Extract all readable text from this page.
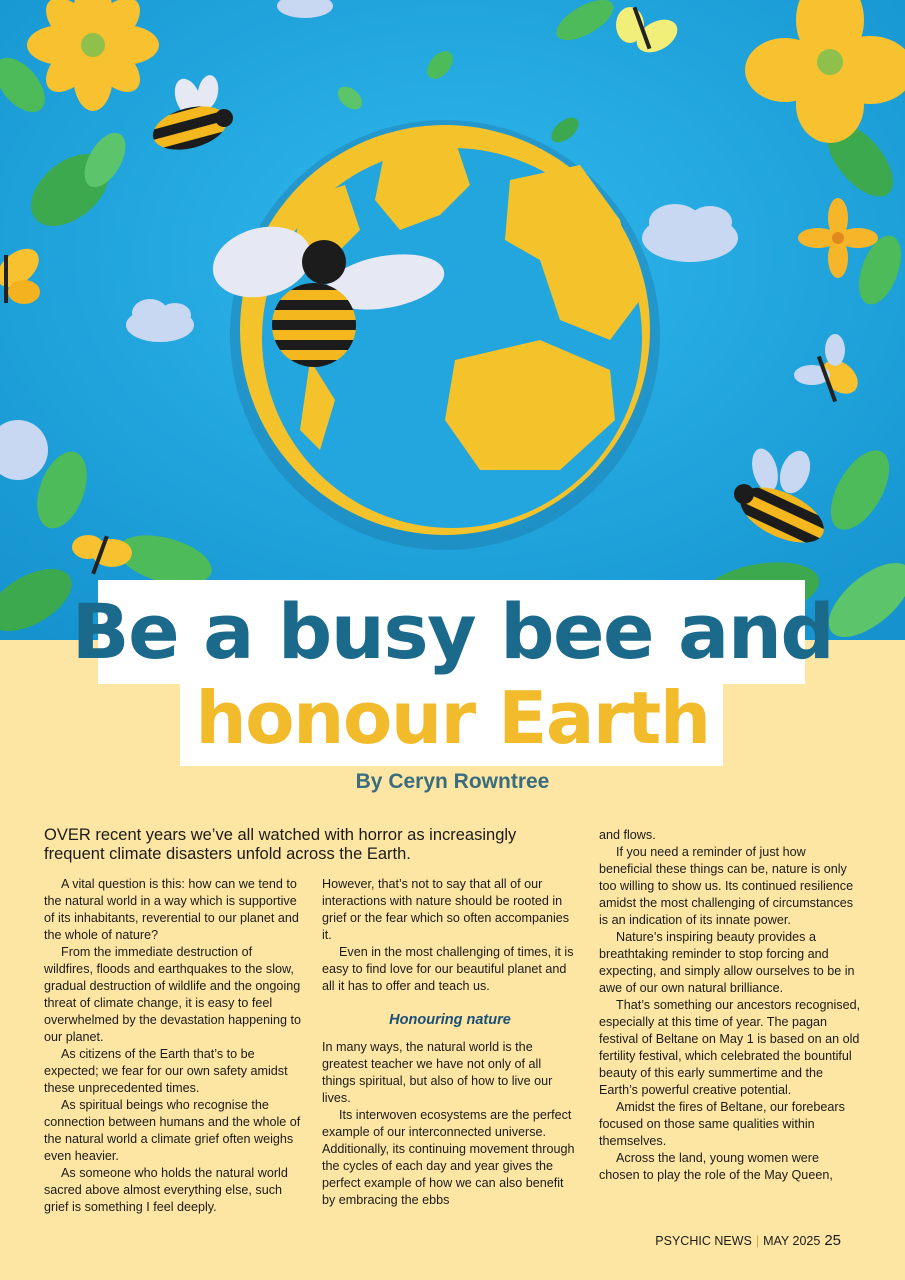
Be a busy bee and
honour Earth
By Ceryn Rowntree

OVER recent years we’ve all watched with horror as increasingly frequent climate disasters unfold across the Earth.

A vital question is this: how can we tend to the natural world in a way which is supportive of its inhabitants, reverential to our planet and the whole of nature?

From the immediate destruction of wildfires, floods and earthquakes to the slow, gradual destruction of wildlife and the ongoing threat of climate change, it is easy to feel overwhelmed by the devastation happening to our planet.

As citizens of the Earth that’s to be expected; we fear for our own safety amidst these unprecedented times.

As spiritual beings who recognise the connection between humans and the whole of the natural world a climate grief often weighs even heavier.

As someone who holds the natural world sacred above almost everything else, such grief is something I feel deeply.

However, that’s not to say that all of our interactions with nature should be rooted in grief or the fear which so often accompanies it.

Even in the most challenging of times, it is easy to find love for our beautiful planet and all it has to offer and teach us.

Honouring nature

In many ways, the natural world is the greatest teacher we have not only of all things spiritual, but also of how to live our lives.

Its interwoven ecosystems are the perfect example of our interconnected universe. Additionally, its continuing movement through the cycles of each day and year gives the perfect example of how we can also benefit by embracing the ebbs

and flows.

If you need a reminder of just how beneficial these things can be, nature is only too willing to show us. Its continued resilience amidst the most challenging of circumstances is an indication of its innate power.

Nature’s inspiring beauty provides a breathtaking reminder to stop forcing and expecting, and simply allow ourselves to be in awe of our own natural brilliance.

That’s something our ancestors recognised, especially at this time of year. The pagan festival of Beltane on May 1 is based on an old fertility festival, which celebrated the bountiful beauty of this early summertime and the Earth’s powerful creative potential.

Amidst the fires of Beltane, our forebears focused on those same qualities within themselves.

Across the land, young women were chosen to play the role of the May Queen,

PSYCHIC NEWS | MAY 2025 25
